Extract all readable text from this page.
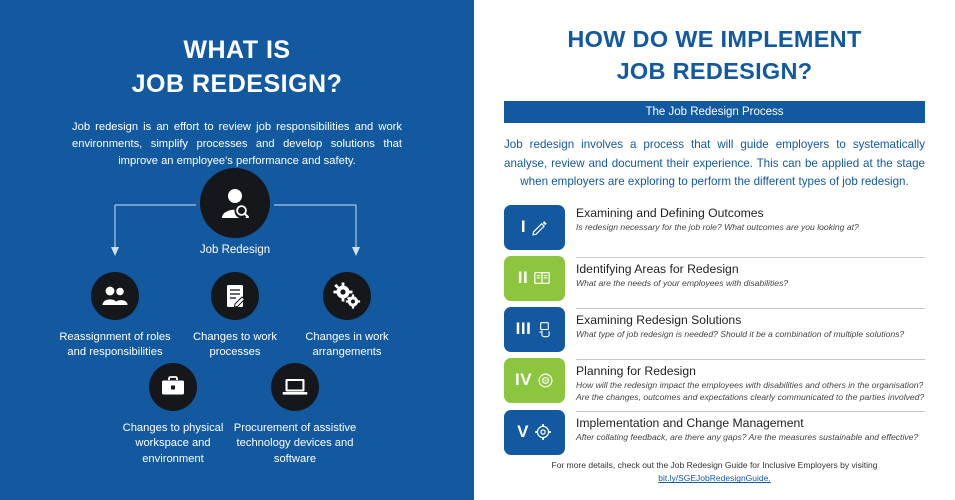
WHAT IS
JOB REDESIGN?
Job redesign is an effort to review job responsibilities and work environments, simplify processes and develop solutions that improve an employee's performance and safety.
Job Redesign
Reassignment of roles and responsibilities
Changes to work processes
Changes in work arrangements
Changes to physical workspace and environment
Procurement of assistive technology devices and software
HOW DO WE IMPLEMENT
JOB REDESIGN?
The Job Redesign Process
Job redesign involves a process that will guide employers to systematically analyse, review and document their experience. This can be applied at the stage when employers are exploring to perform the different types of job redesign.
I
Examining and Defining Outcomes
Is redesign necessary for the job role? What outcomes are you looking at?
II	Identifying Areas for Redesign
What are the needs of your employees with disabilities?
III	Examining Redesign Solutions
What type of job redesign is needed? Should it be a combination of multiple solutions?
IV	Planning for Redesign
How will the redesign impact the employees with disabilities and others in the organisation? Are the changes, outcomes and expectations clearly communicated to the parties involved?
V	Implementation and Change Management
After collating feedback, are there any gaps? Are the measures sustainable and effective?
For more details, check out the Job Redesign Guide for Inclusive Employers by visiting
bit.ly/SGEJobRedesignGuide.
